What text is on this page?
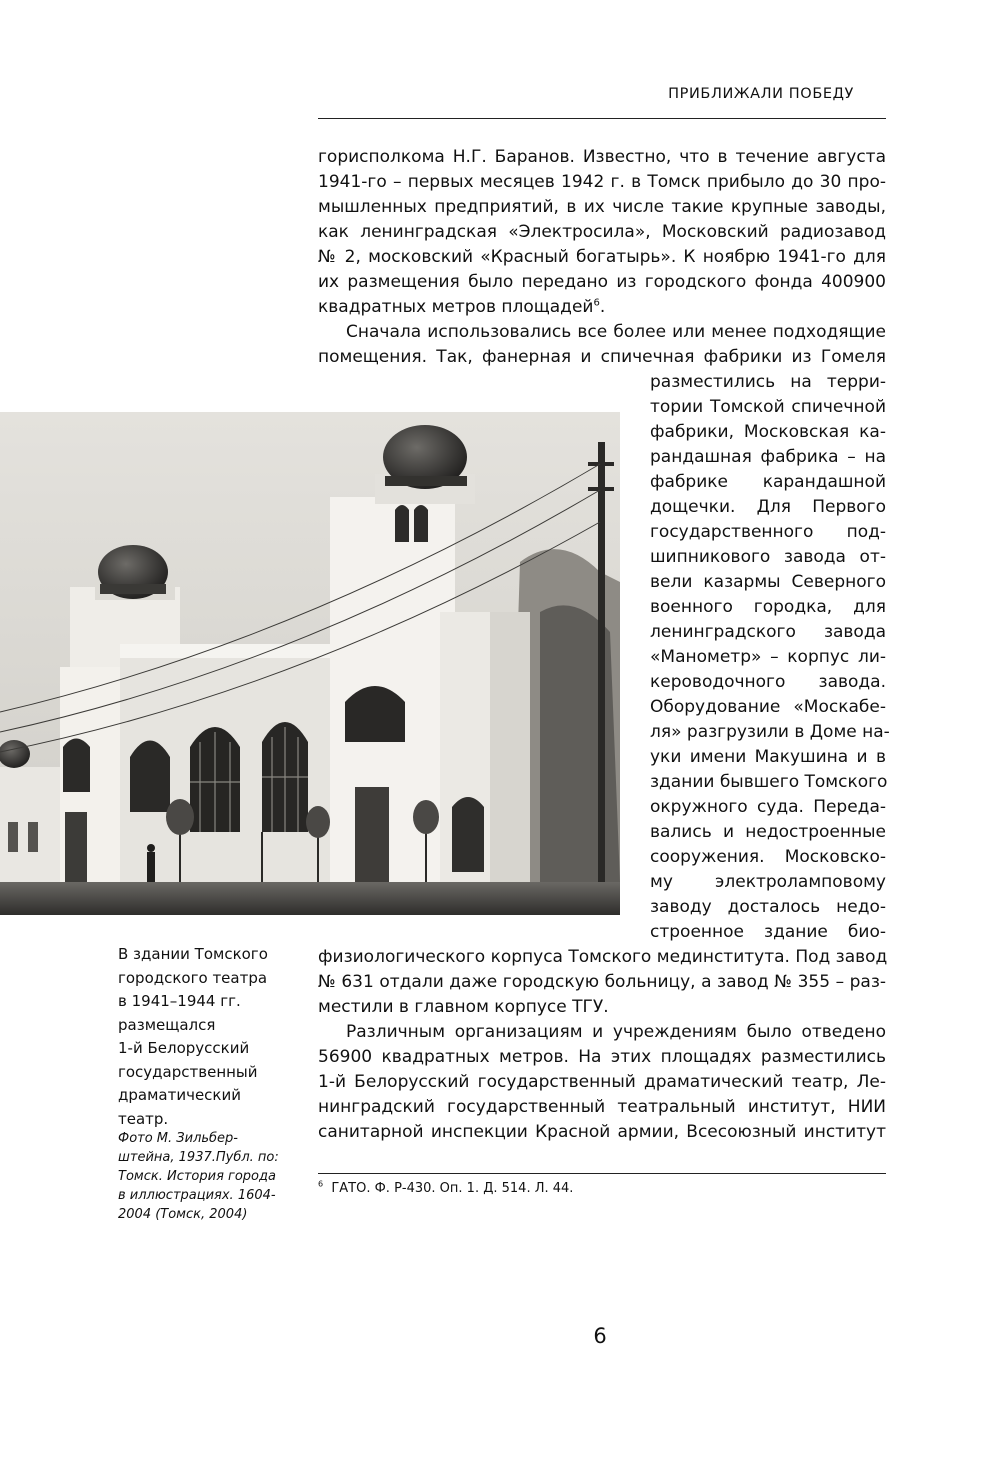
ПРИБЛИЖАЛИ ПОБЕДУ

горисполкома Н.Г. Баранов. Известно, что в течение августа
1941-го – первых месяцев 1942 г. в Томск прибыло до 30 про-
мышленных предприятий, в их числе такие крупные заводы,
как ленинградская «Электросила», Московский радиозавод
№ 2, московский «Красный богатырь». К ноябрю 1941-го для
их размещения было передано из городского фонда 400900
квадратных метров площадей$^6$.

Сначала использовались все более или менее подходящие
помещения. Так, фанерная и спичечная фабрики из Гомеля

разместились на терри-
тории Томской спичечной
фабрики, Московская ка-
рандашная фабрика – на
фабрике карандашной
дощечки. Для Первого
государственного под-
шипникового завода от-
вели казармы Северного
военного городка, для
ленинградского завода
«Манометр» – корпус ли-
кероводочного завода.
Оборудование «Москабе-
ля» разгрузили в Доме на-
уки имени Макушина и в
здании бывшего Томского
окружного суда. Переда-
вались и недостроенные
сооружения. Московско-
му электроламповому
заводу досталось недо-
строенное здание био-

физиологического корпуса Томского мединститута. Под завод
№ 631 отдали даже городскую больницу, а завод № 355 – раз-
местили в главном корпусе ТГУ.

Различным организациям и учреждениям было отведено
56900 квадратных метров. На этих площадях разместились
1-й Белорусский государственный драматический театр, Ле-
нинградский государственный театральный институт, НИИ
санитарной инспекции Красной армии, Всесоюзный институт

В здании Томского
городского театра
в 1941–1944 гг.
размещался
1-й Белорусский
государственный
драматический
театр.

Фото М. Зильбер-
штейна, 1937.Публ. по:
Томск. История города
в иллюстрациях. 1604-
2004 (Томск, 2004)

$^6$ ГАТО. Ф. Р-430. Оп. 1. Д. 514. Л. 44.

6
